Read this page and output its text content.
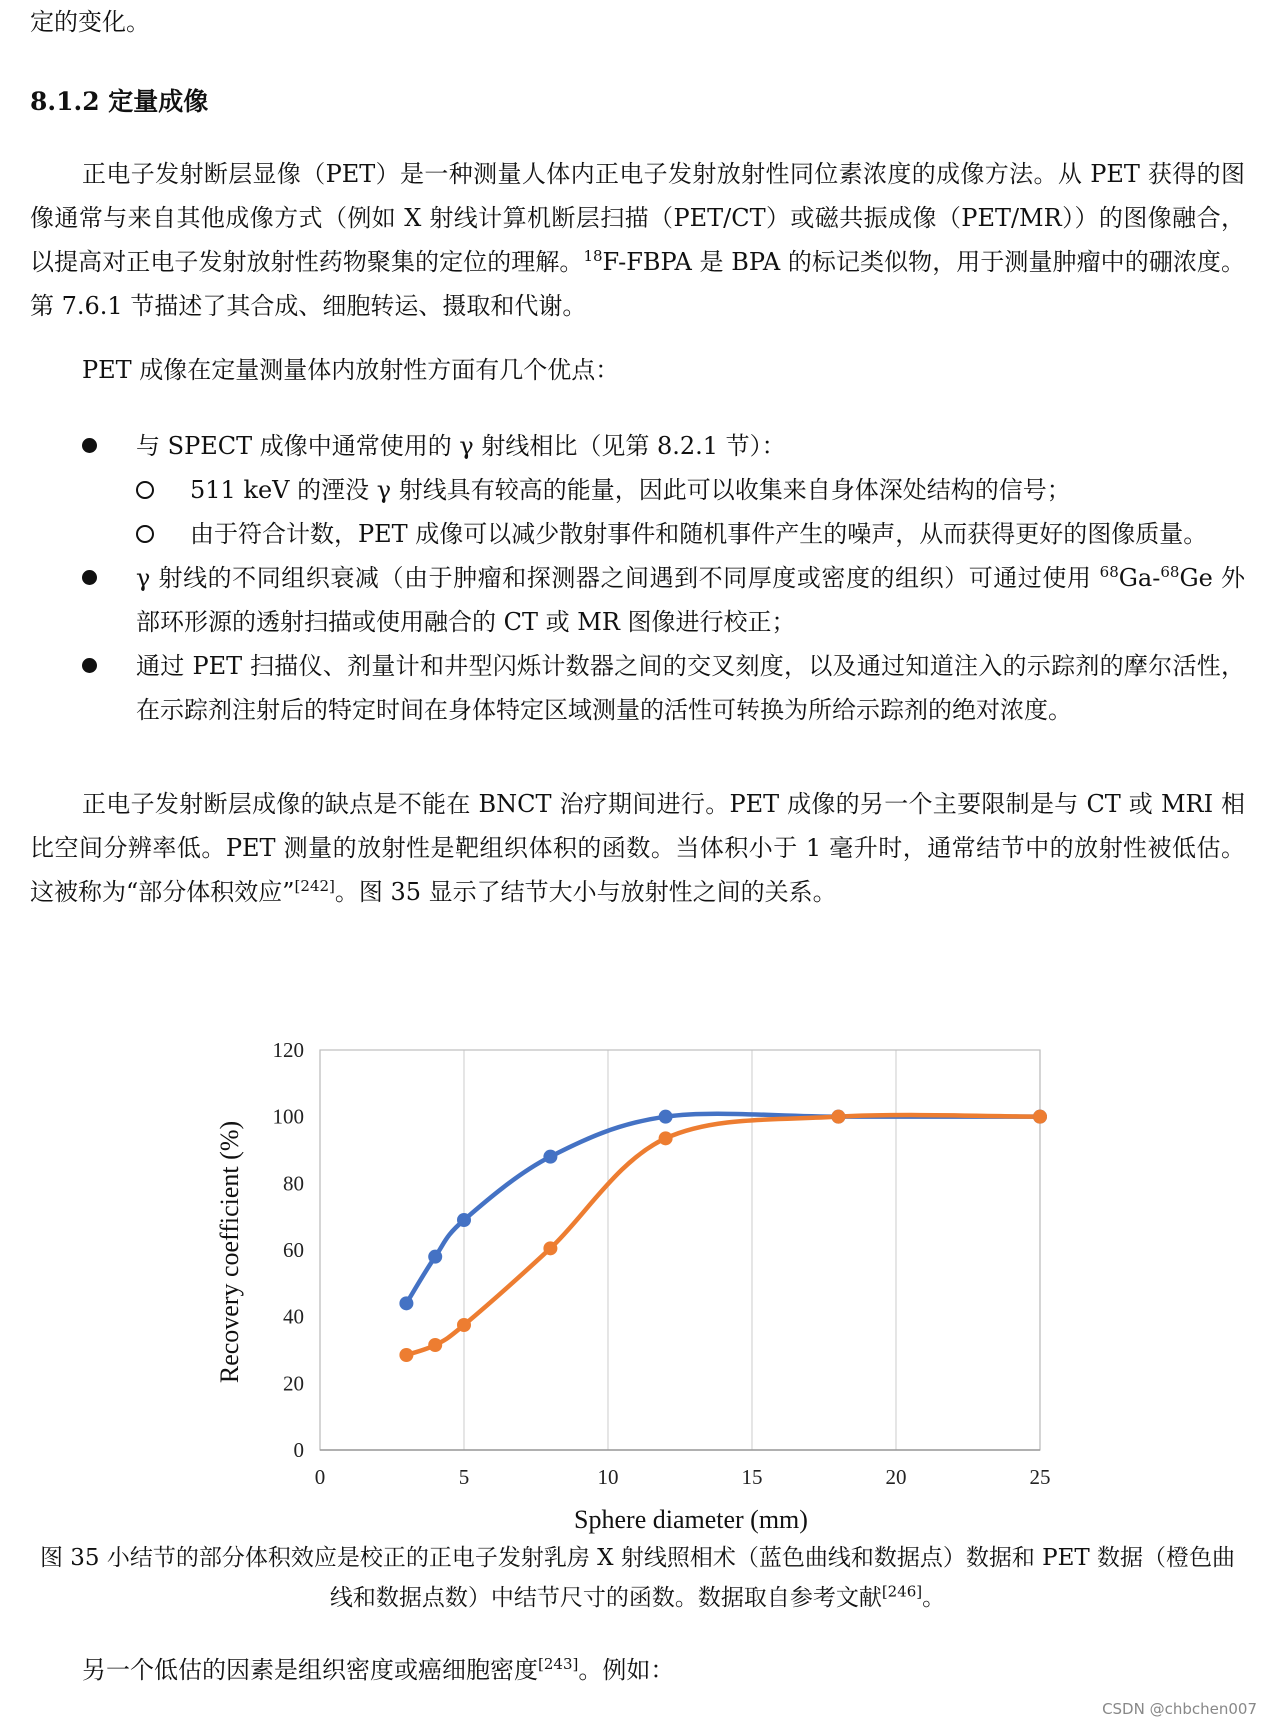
定的变化。
8.1.2 定量成像

正电子发射断层显像（PET）是一种测量人体内正电子发射放射性同位素浓度的成像方法。从 PET 获得的图像通常与来自其他成像方式（例如 X 射线计算机断层扫描（PET/CT）或磁共振成像（PET/MR））的图像融合，以提高对正电子发射放射性药物聚集的定位的理解。$^{18}$F-FBPA 是 BPA 的标记类似物，用于测量肿瘤中的硼浓度。第 7.6.1 节描述了其合成、细胞转运、摄取和代谢。

PET 成像在定量测量体内放射性方面有几个优点：

与 SPECT 成像中通常使用的 γ 射线相比（见第 8.2.1 节）：
511 keV 的湮没 γ 射线具有较高的能量，因此可以收集来自身体深处结构的信号；
由于符合计数，PET 成像可以减少散射事件和随机事件产生的噪声，从而获得更好的图像质量。
γ 射线的不同组织衰减（由于肿瘤和探测器之间遇到不同厚度或密度的组织）可通过使用 $^{68}$Ga-$^{68}$Ge 外部环形源的透射扫描或使用融合的 CT 或 MR 图像进行校正；
通过 PET 扫描仪、剂量计和井型闪烁计数器之间的交叉刻度，以及通过知道注入的示踪剂的摩尔活性，在示踪剂注射后的特定时间在身体特定区域测量的活性可转换为所给示踪剂的绝对浓度。

正电子发射断层成像的缺点是不能在 BNCT 治疗期间进行。PET 成像的另一个主要限制是与 CT 或 MRI 相比空间分辨率低。PET 测量的放射性是靶组织体积的函数。当体积小于 1 毫升时，通常结节中的放射性被低估。这被称为“部分体积效应”[242]。图 35 显示了结节大小与放射性之间的关系。

0	5	10	15	20	25
0
20
40
60
80
100
120
Sphere diameter (mm)
Recovery coefficient (%)
图 35 小结节的部分体积效应是校正的正电子发射乳房 X 射线照相术（蓝色曲线和数据点）数据和 PET 数据（橙色曲线和数据点数）中结节尺寸的函数。数据取自参考文献[246]。

另一个低估的因素是组织密度或癌细胞密度[243]。例如：

CSDN @chbchen007
